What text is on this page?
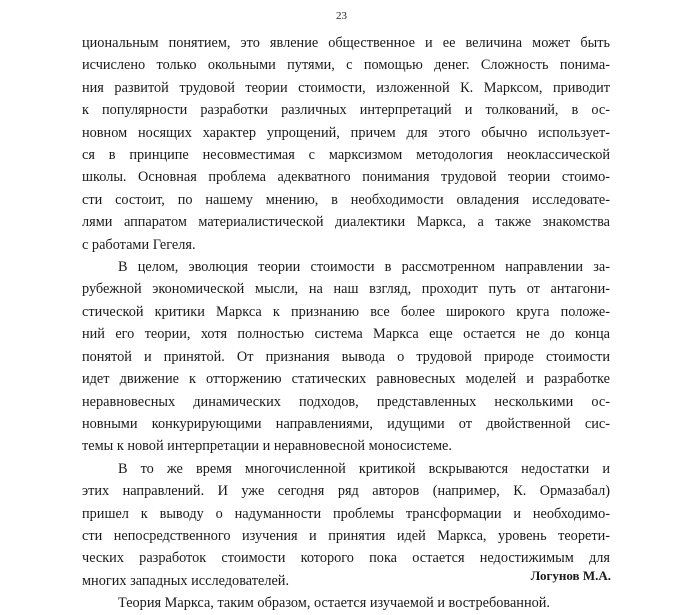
23
циональным понятием, это явление общественное и ее величина может быть
исчислено только окольными путями, с помощью денег. Сложность понима-
ния развитой трудовой теории стоимости, изложенной К. Марксом, приводит
к популярности разработки различных интерпретаций и толкований, в ос-
новном носящих характер упрощений, причем для этого обычно использует-
ся в принципе несовместимая с марксизмом методология неоклассической
школы. Основная проблема адекватного понимания трудовой теории стоимо-
сти состоит, по нашему мнению, в необходимости овладения исследовате-
лями аппаратом материалистической диалектики Маркса, а также знакомства
с работами Гегеля.
В целом, эволюция теории стоимости в рассмотренном направлении за-
рубежной экономической мысли, на наш взгляд, проходит путь от антагони-
стической критики Маркса к признанию все более широкого круга положе-
ний его теории, хотя полностью система Маркса еще остается не до конца
понятой и принятой. От признания вывода о трудовой природе стоимости
идет движение к отторжению статических равновесных моделей и разработке
неравновесных динамических подходов, представленных несколькими ос-
новными конкурирующими направлениями, идущими от двойственной сис-
темы к новой интерпретации и неравновесной моносистеме.
В то же время многочисленной критикой вскрываются недостатки и
этих направлений. И уже сегодня ряд авторов (например, К. Ормазабал)
пришел к выводу о надуманности проблемы трансформации и необходимо-
сти непосредственного изучения и принятия идей Маркса, уровень теорети-
ческих разработок стоимости которого пока остается недостижимым для
многих западных исследователей.
Теория Маркса, таким образом, остается изучаемой и востребованной.
Логунов М.А.
